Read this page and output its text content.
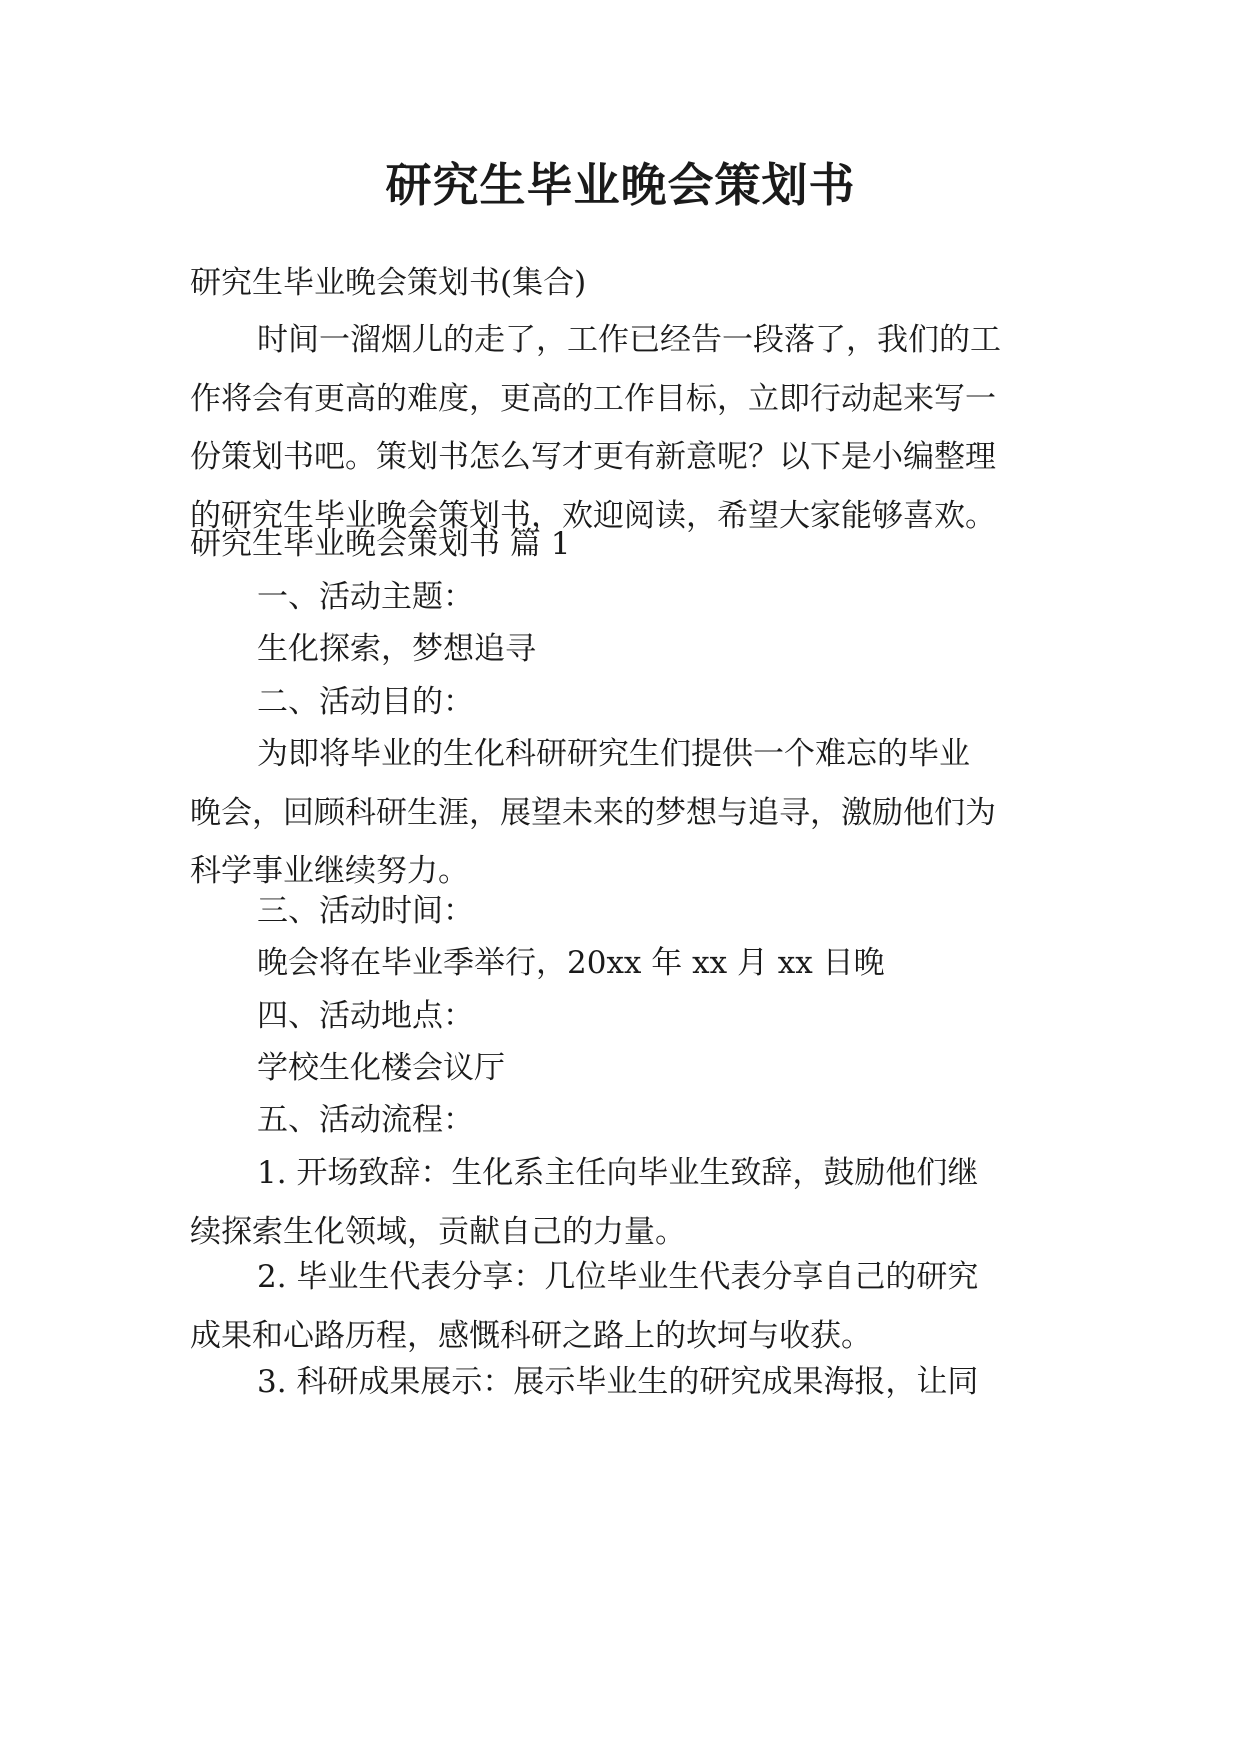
研究生毕业晚会策划书
研究生毕业晚会策划书(集合)
时间一溜烟儿的走了，工作已经告一段落了，我们的工
作将会有更高的难度，更高的工作目标，立即行动起来写一
份策划书吧。策划书怎么写才更有新意呢？以下是小编整理
的研究生毕业晚会策划书，欢迎阅读，希望大家能够喜欢。
研究生毕业晚会策划书 篇 1
一、活动主题：
生化探索，梦想追寻
二、活动目的：
为即将毕业的生化科研研究生们提供一个难忘的毕业
晚会，回顾科研生涯，展望未来的梦想与追寻，激励他们为
科学事业继续努力。
三、活动时间：
晚会将在毕业季举行，20xx 年 xx 月 xx 日晚
四、活动地点：
学校生化楼会议厅
五、活动流程：
1. 开场致辞：生化系主任向毕业生致辞，鼓励他们继
续探索生化领域，贡献自己的力量。
2. 毕业生代表分享：几位毕业生代表分享自己的研究
成果和心路历程，感慨科研之路上的坎坷与收获。
3. 科研成果展示：展示毕业生的研究成果海报，让同
